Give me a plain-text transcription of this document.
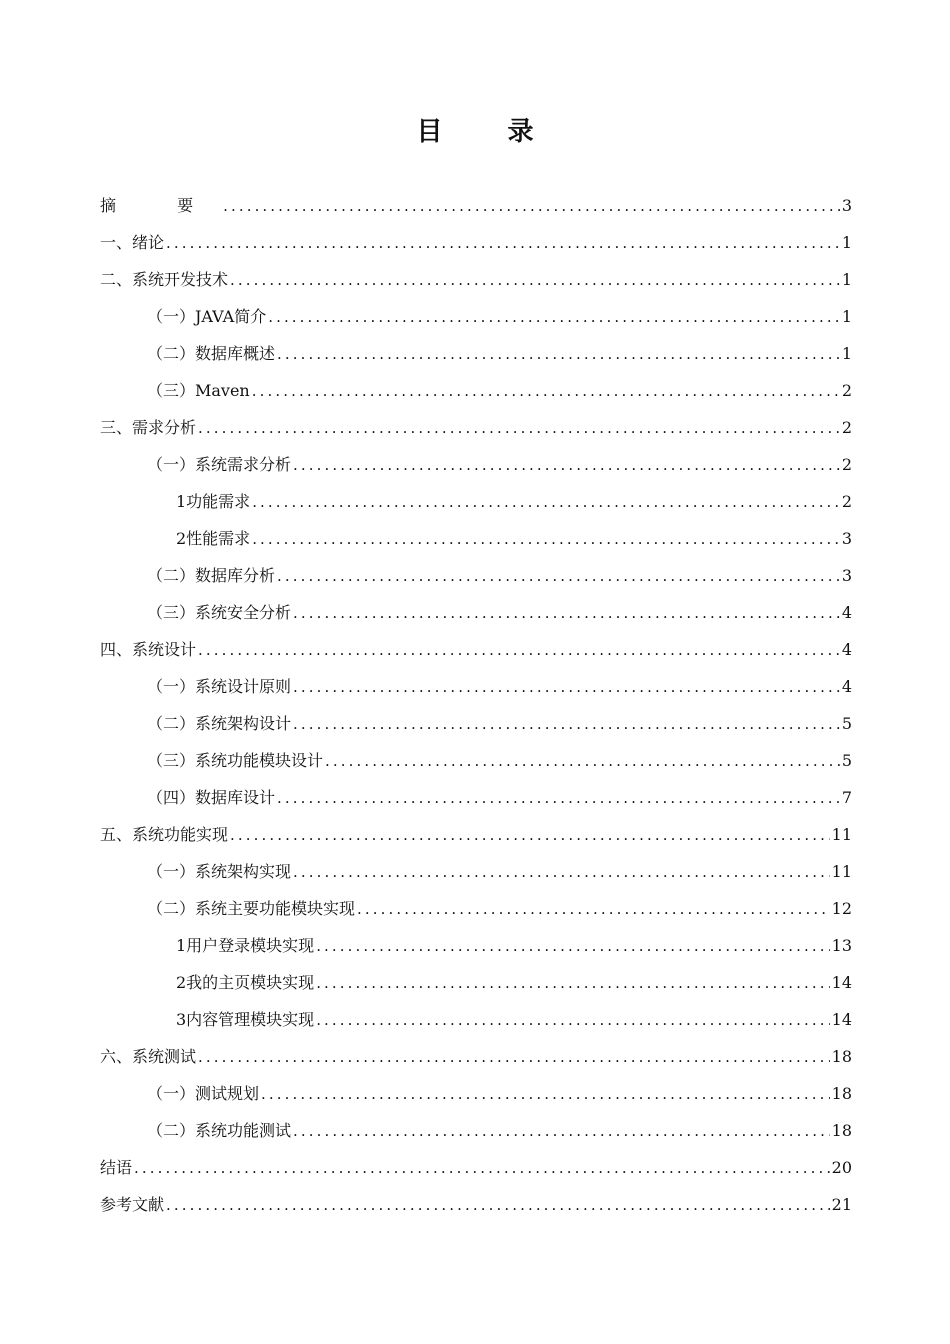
目 录
摘 要 .....	3
一、绪论 .....	1
二、系统开发技术 .....	1
（一）JAVA简介 .....	1
（二）数据库概述 .....	1
（三）Maven .....	2
三、需求分析 .....	2
（一）系统需求分析 .....	2
1功能需求 .....	2
2性能需求 .....	3
（二）数据库分析 .....	3
（三）系统安全分析 .....	4
四、系统设计 .....	4
（一）系统设计原则 .....	4
（二）系统架构设计 .....	5
（三）系统功能模块设计 .....	5
（四）数据库设计 .....	7
五、系统功能实现 .....	11
（一）系统架构实现 .....	11
（二）系统主要功能模块实现 .....	12
1用户登录模块实现 .....	13
2我的主页模块实现 .....	14
3内容管理模块实现 .....	14
六、系统测试 .....	18
（一）测试规划 .....	18
（二）系统功能测试 .....	18
结语 .....	20
参考文献 .....	21
